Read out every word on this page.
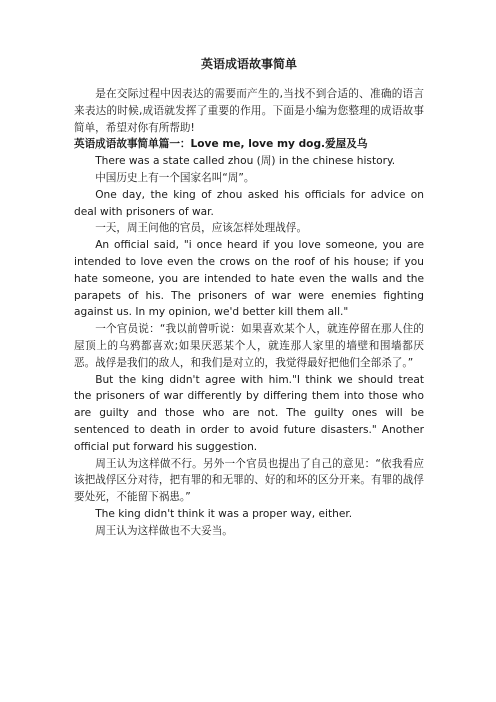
英语成语故事简单

是在交际过程中因表达的需要而产生的,当找不到合适的、准确的语言来表达的时候,成语就发挥了重要的作用。下面是小编为您整理的成语故事简单，希望对你有所帮助!

英语成语故事简单篇一：Love me, love my dog.爱屋及乌

There was a state called zhou (周) in the chinese history.

中国历史上有一个国家名叫“周”。

One day, the king of zhou asked his officials for advice on deal with prisoners of war.

一天，周王问他的官员，应该怎样处理战俘。

An official said, "i once heard if you love someone, you are intended to love even the crows on the roof of his house; if you hate someone, you are intended to hate even the walls and the parapets of his. The prisoners of war were enemies fighting against us. In my opinion, we'd better kill them all."

一个官员说：“我以前曾听说：如果喜欢某个人，就连停留在那人住的屋顶上的乌鸦都喜欢;如果厌恶某个人，就连那人家里的墙壁和围墙都厌恶。战俘是我们的敌人，和我们是对立的，我觉得最好把他们全部杀了。”

But the king didn't agree with him."I think we should treat the prisoners of war differently by differing them into those who are guilty and those who are not. The guilty ones will be sentenced to death in order to avoid future disasters." Another official put forward his suggestion.

周王认为这样做不行。另外一个官员也提出了自己的意见：“依我看应该把战俘区分对待，把有罪的和无罪的、好的和坏的区分开来。有罪的战俘要处死，不能留下祸患。”

The king didn't think it was a proper way, either.

周王认为这样做也不大妥当。
